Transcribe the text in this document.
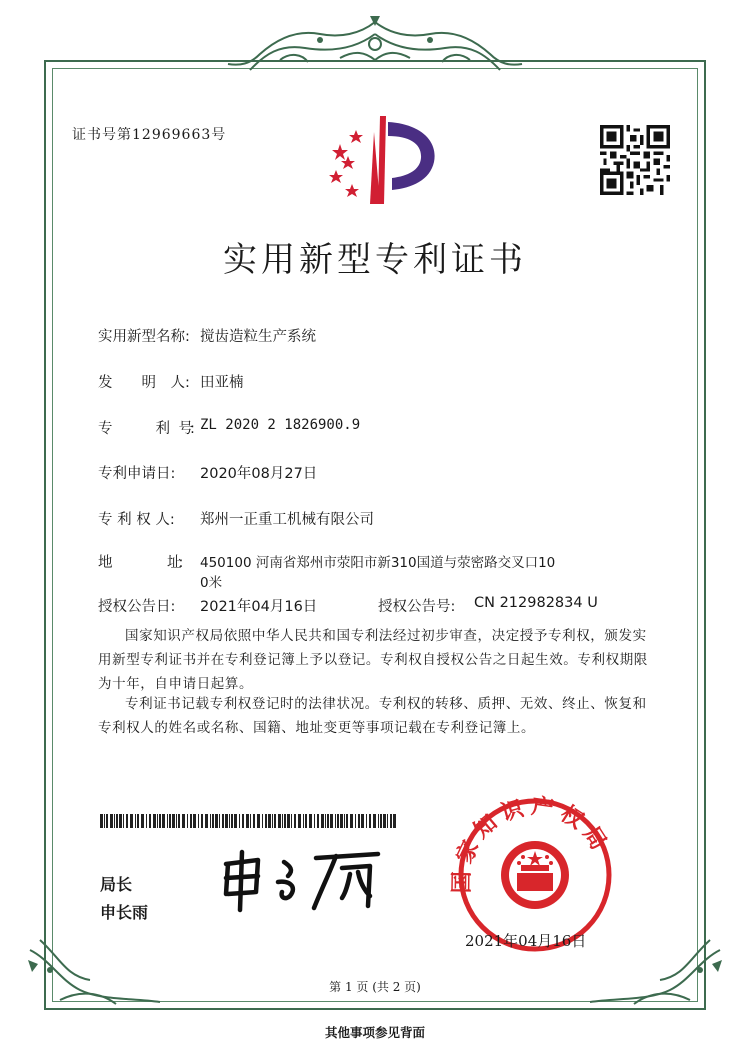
证书号第12969663号
实用新型专利证书
实用新型名称: 搅齿造粒生产系统
发　　明　人: 田亚楠
专　　　　利　号: ZL 2020 2 1826900.9
专利申请日: 2020年08月27日
专 利 权 人: 郑州一正重工机械有限公司
地　　　　　址: 450100 河南省郑州市荥阳市新310国道与荥密路交叉口10
0米
授权公告日: 2021年04月16日	授权公告号: CN 212982834 U
国家知识产权局依照中华人民共和国专利法经过初步审查，决定授予专利权，颁发实用新型专利证书并在专利登记簿上予以登记。专利权自授权公告之日起生效。专利权期限为十年，自申请日起算。
专利证书记载专利权登记时的法律状况。专利权的转移、质押、无效、终止、恢复和专利权人的姓名或名称、国籍、地址变更等事项记载在专利登记簿上。
局长
申长雨
国家知识产权局
2021年04月16日
第 1 页 (共 2 页)
其他事项参见背面
